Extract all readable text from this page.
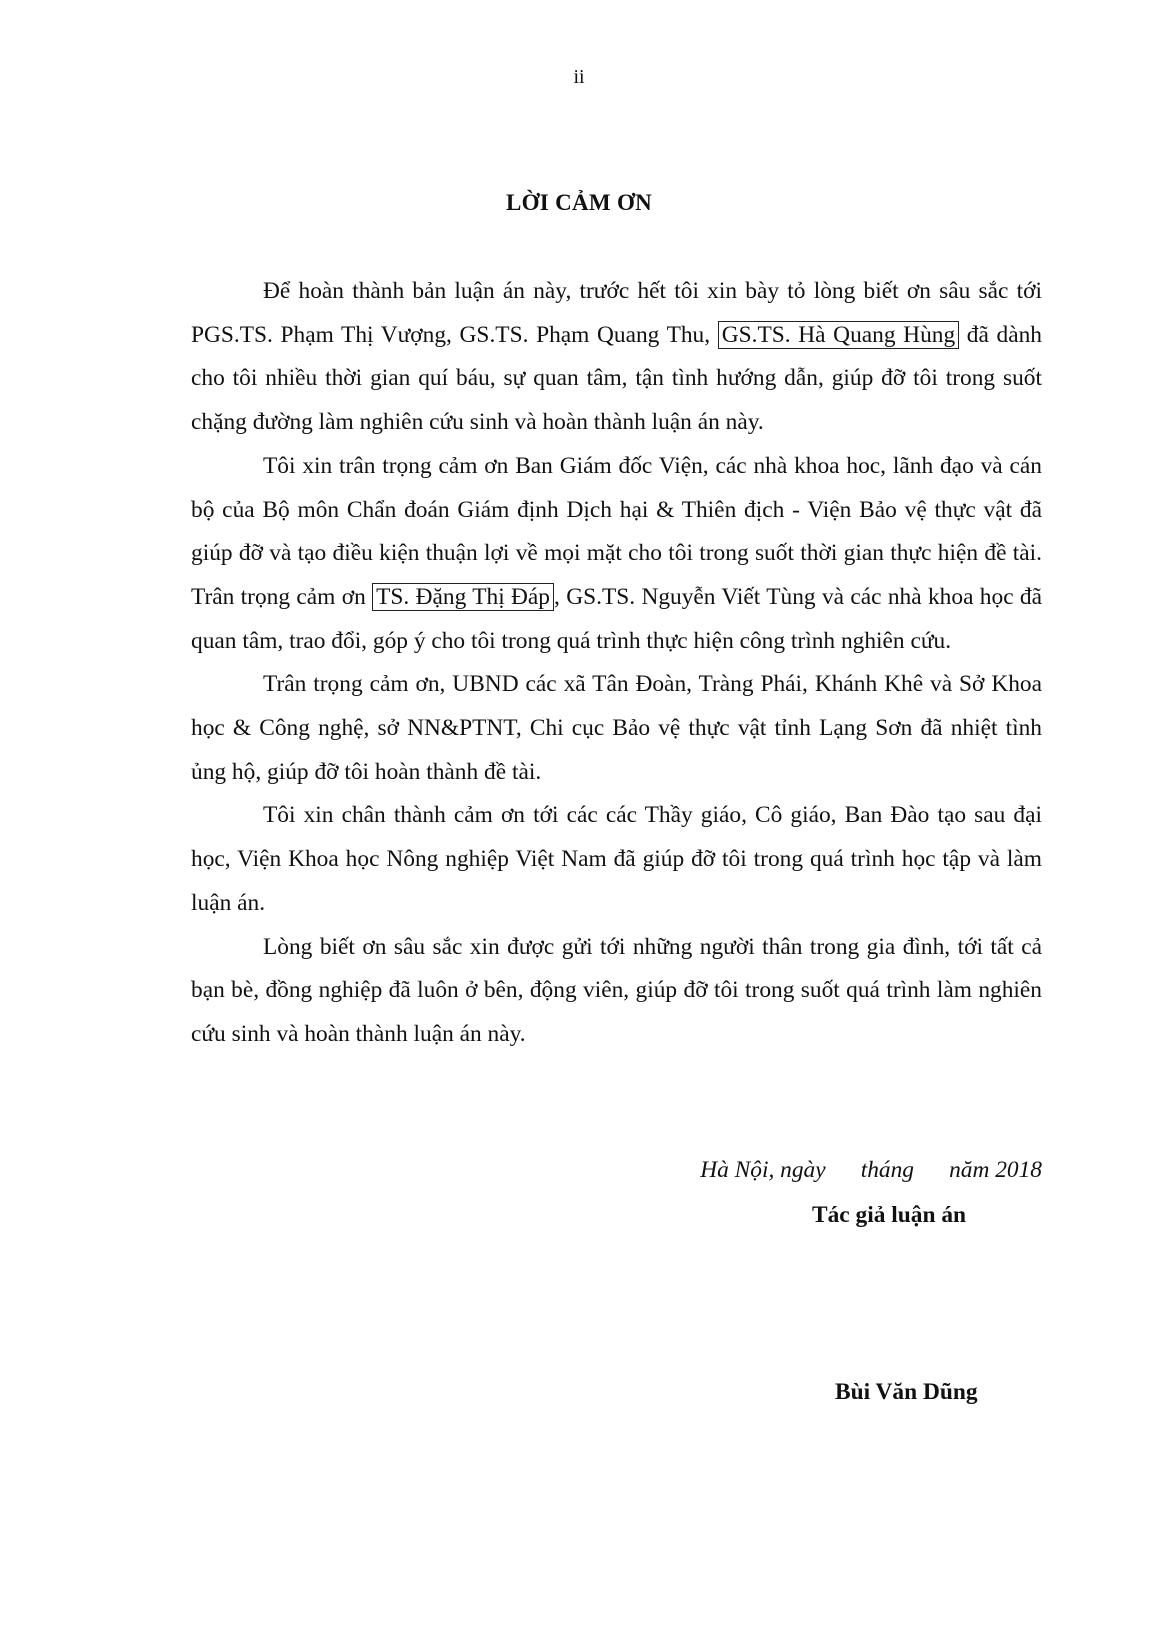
ii
LỜI CẢM ƠN

Để hoàn thành bản luận án này, trước hết tôi xin bày tỏ lòng biết ơn sâu sắc tới PGS.TS. Phạm Thị Vượng, GS.TS. Phạm Quang Thu, GS.TS. Hà Quang Hùng đã dành cho tôi nhiều thời gian quí báu, sự quan tâm, tận tình hướng dẫn, giúp đỡ tôi trong suốt chặng đường làm nghiên cứu sinh và hoàn thành luận án này.

Tôi xin trân trọng cảm ơn Ban Giám đốc Viện, các nhà khoa hoc, lãnh đạo và cán bộ của Bộ môn Chẩn đoán Giám định Dịch hại & Thiên địch - Viện Bảo vệ thực vật đã giúp đỡ và tạo điều kiện thuận lợi về mọi mặt cho tôi trong suốt thời gian thực hiện đề tài. Trân trọng cảm ơn TS. Đặng Thị Đáp , GS.TS. Nguyễn Viết Tùng và các nhà khoa học đã quan tâm, trao đổi, góp ý cho tôi trong quá trình thực hiện công trình nghiên cứu.

Trân trọng cảm ơn, UBND các xã Tân Đoàn, Tràng Phái, Khánh Khê và Sở Khoa học & Công nghệ, sở NN&PTNT, Chi cục Bảo vệ thực vật tỉnh Lạng Sơn đã nhiệt tình ủng hộ, giúp đỡ tôi hoàn thành đề tài.

Tôi xin chân thành cảm ơn tới các các Thầy giáo, Cô giáo, Ban Đào tạo sau đại học, Viện Khoa học Nông nghiệp Việt Nam đã giúp đỡ tôi trong quá trình học tập và làm luận án.

Lòng biết ơn sâu sắc xin được gửi tới những người thân trong gia đình, tới tất cả bạn bè, đồng nghiệp đã luôn ở bên, động viên, giúp đỡ tôi trong suốt quá trình làm nghiên cứu sinh và hoàn thành luận án này.

Hà Nội, ngày      tháng      năm 2018
Tác giả luận án
Bùi Văn Dũng
